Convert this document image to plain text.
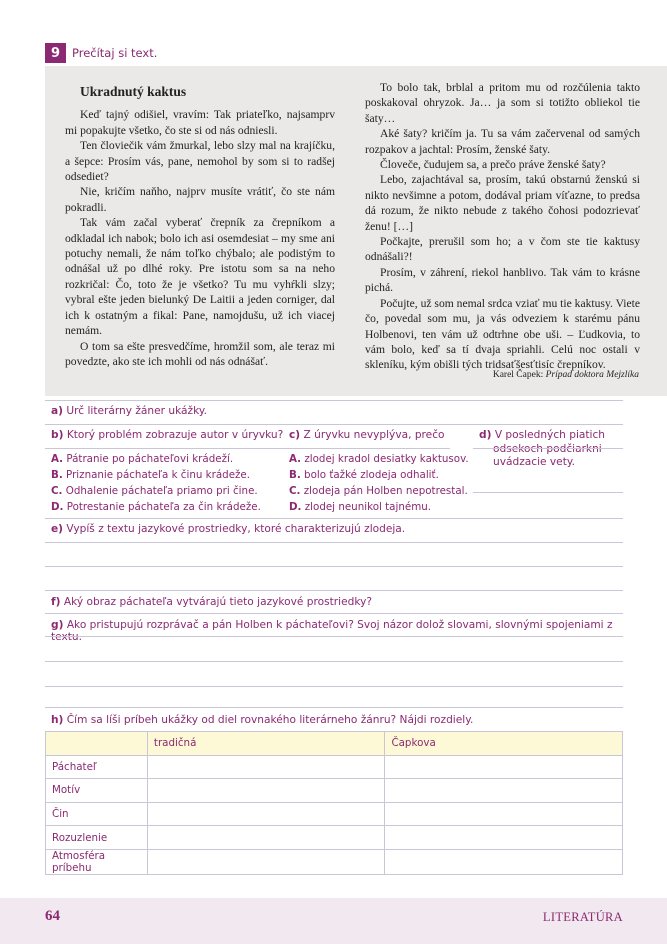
9	Prečítaj si text.
Ukradnutý kaktus

Keď tajný odišiel, vravím: Tak priateľko, najsamprv mi popakujte všetko, čo ste si od nás odniesli.

Ten človiečik vám žmurkal, lebo slzy mal na krajíčku, a šepce: Prosím vás, pane, nemohol by som si to radšej odsediet?

Nie, kričím naňho, najprv musíte vrátiť, čo ste nám pokradli.

Tak vám začal vyberať črepník za črepníkom a odkladal ich nabok; bolo ich asi osemdesiat – my sme ani potuchy nemali, že nám toľko chýbalo; ale podistým to odnášal už po dlhé roky. Pre istotu som sa na neho rozkričal: Čo, toto že je všetko? Tu mu vyhŕkli slzy; vybral ešte jeden bielunký De Laitii a jeden corniger, dal ich k ostatným a fikal: Pane, namojdušu, už ich viacej nemám.

O tom sa ešte presvedčíme, hromžil som, ale teraz mi povedzte, ako ste ich mohli od nás odnášať.

To bolo tak, brblal a pritom mu od rozčúlenia takto poskakoval ohryzok. Ja… ja som si totižto obliekol tie šaty…

Aké šaty? kričím ja. Tu sa vám začervenal od samých rozpakov a jachtal: Prosím, ženské šaty.

Človeče, čudujem sa, a prečo práve ženské šaty?

Lebo, zajachtával sa, prosím, takú obstarnú ženskú si nikto nevšimne a potom, dodával priam víťazne, to predsa dá rozum, že nikto nebude z takého čohosi podozrievať ženu! […]

Počkajte, prerušil som ho; a v čom ste tie kaktusy odnášali?!

Prosím, v záhrení, riekol hanblivo. Tak vám to krásne pichá.

Počujte, už som nemal srdca vziať mu tie kaktusy. Viete čo, povedal som mu, ja vás odveziem k starému pánu Holbenovi, ten vám už odtrhne obe uši. – Ľudkovia, to vám bolo, keď sa tí dvaja spriahli. Celú noc ostali v skleníku, kým obišli tých tridsaťšesťtisíc črepníkov.

Karel Čapek: Prípad doktora Mejzlíka
a) Urč literárny žáner ukážky.
b) Ktorý problém zobrazuje autor v úryvku? c) Z úryvku nevyplýva, prečo	d) V posledných piatich
odsekoch podčiarkni
uvádzacie vety.
A. Pátranie po páchateľovi krádeží.
B. Priznanie páchateľa k činu krádeže.
C. Odhalenie páchateľa priamo pri čine.
D. Potrestanie páchateľa za čin krádeže.
A. zlodej kradol desiatky kaktusov.
B. bolo ťažké zlodeja odhaliť.
C. zlodeja pán Holben nepotrestal.
D. zlodej neunikol tajnému.
e) Vypíš z textu jazykové prostriedky, ktoré charakterizujú zlodeja.
f) Aký obraz páchateľa vytvárajú tieto jazykové prostriedky?
g) Ako pristupujú rozprávač a pán Holben k páchateľovi? Svoj názor dolož slovami, slovnými spojeniami z textu.
h) Čím sa líši príbeh ukážky od diel rovnakého literárneho žánru? Nájdi rozdiely.
	tradičná	Čapkova
Páchateľ		
Motív		
Čin		
Rozuzlenie		
Atmosféra príbehu		
64	LITERATÚRA
